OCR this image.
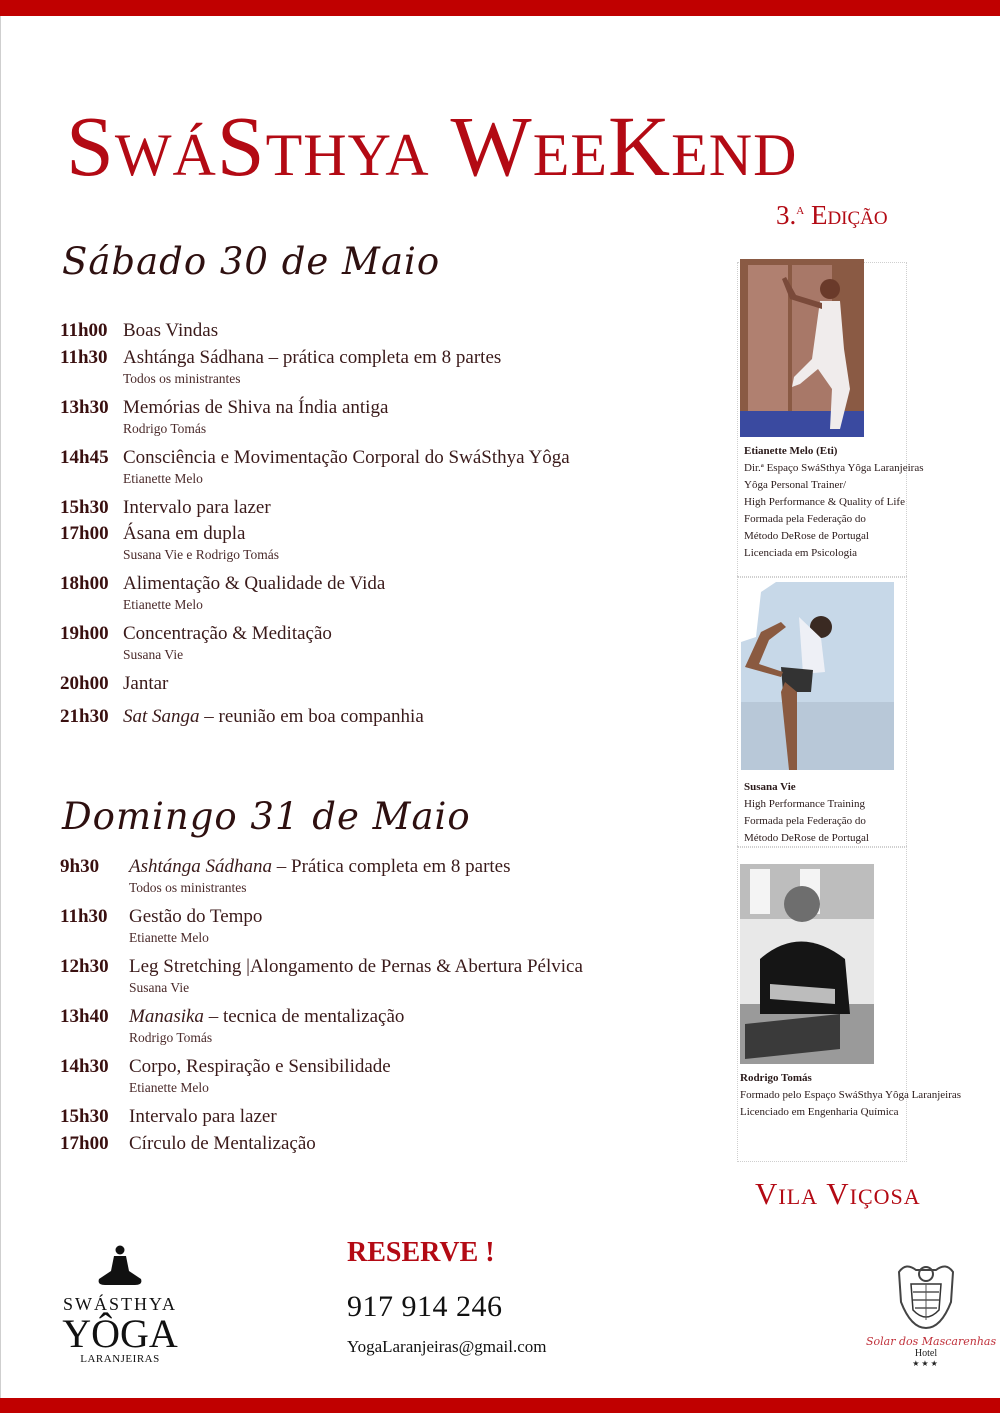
SwáSthya WeeKend
3.$^a$ Edição
Sábado 30 de Maio
11h00 Boas Vindas
11h30 Ashtánga Sádhana – prática completa em 8 partes
Todos os ministrantes
13h30 Memórias de Shiva na Índia antiga
Rodrigo Tomás
14h45 Consciência e Movimentação Corporal do SwáSthya Yôga
Etianette Melo
15h30 Intervalo para lazer
17h00 Ásana em dupla
Susana Vie e Rodrigo Tomás
18h00 Alimentação & Qualidade de Vida
Etianette Melo
19h00 Concentração & Meditação
Susana Vie
20h00 Jantar
21h30 Sat Sanga – reunião em boa companhia
Domingo 31 de Maio
9h30	Ashtánga Sádhana – Prática completa em 8 partes
Todos os ministrantes
11h30	Gestão do Tempo
Etianette Melo
12h30	Leg Stretching |Alongamento de Pernas & Abertura Pélvica
Susana Vie
13h40	Manasika – tecnica de mentalização
Rodrigo Tomás
14h30	Corpo, Respiração e Sensibilidade
Etianette Melo
15h30	Intervalo para lazer
17h00	Círculo de Mentalização
Etianette Melo (Eti)
Dir.ª Espaço SwáSthya Yôga Laranjeiras
Yôga Personal Trainer/
High Performance & Quality of Life
Formada pela Federação do
Método DeRose de Portugal
Licenciada em Psicologia
Susana Vie
High Performance Training
Formada pela Federação do
Método DeRose de Portugal
Rodrigo Tomás
Formado pelo Espaço SwáSthya Yôga Laranjeiras
Licenciado em Engenharia Química
Vila Viçosa
SWÁSTHYA
YÔGA
LARANJEIRAS
RESERVE !
917 914 246
YogaLaranjeiras@gmail.com	Solar dos Mascarenhas
Hotel
★★★
